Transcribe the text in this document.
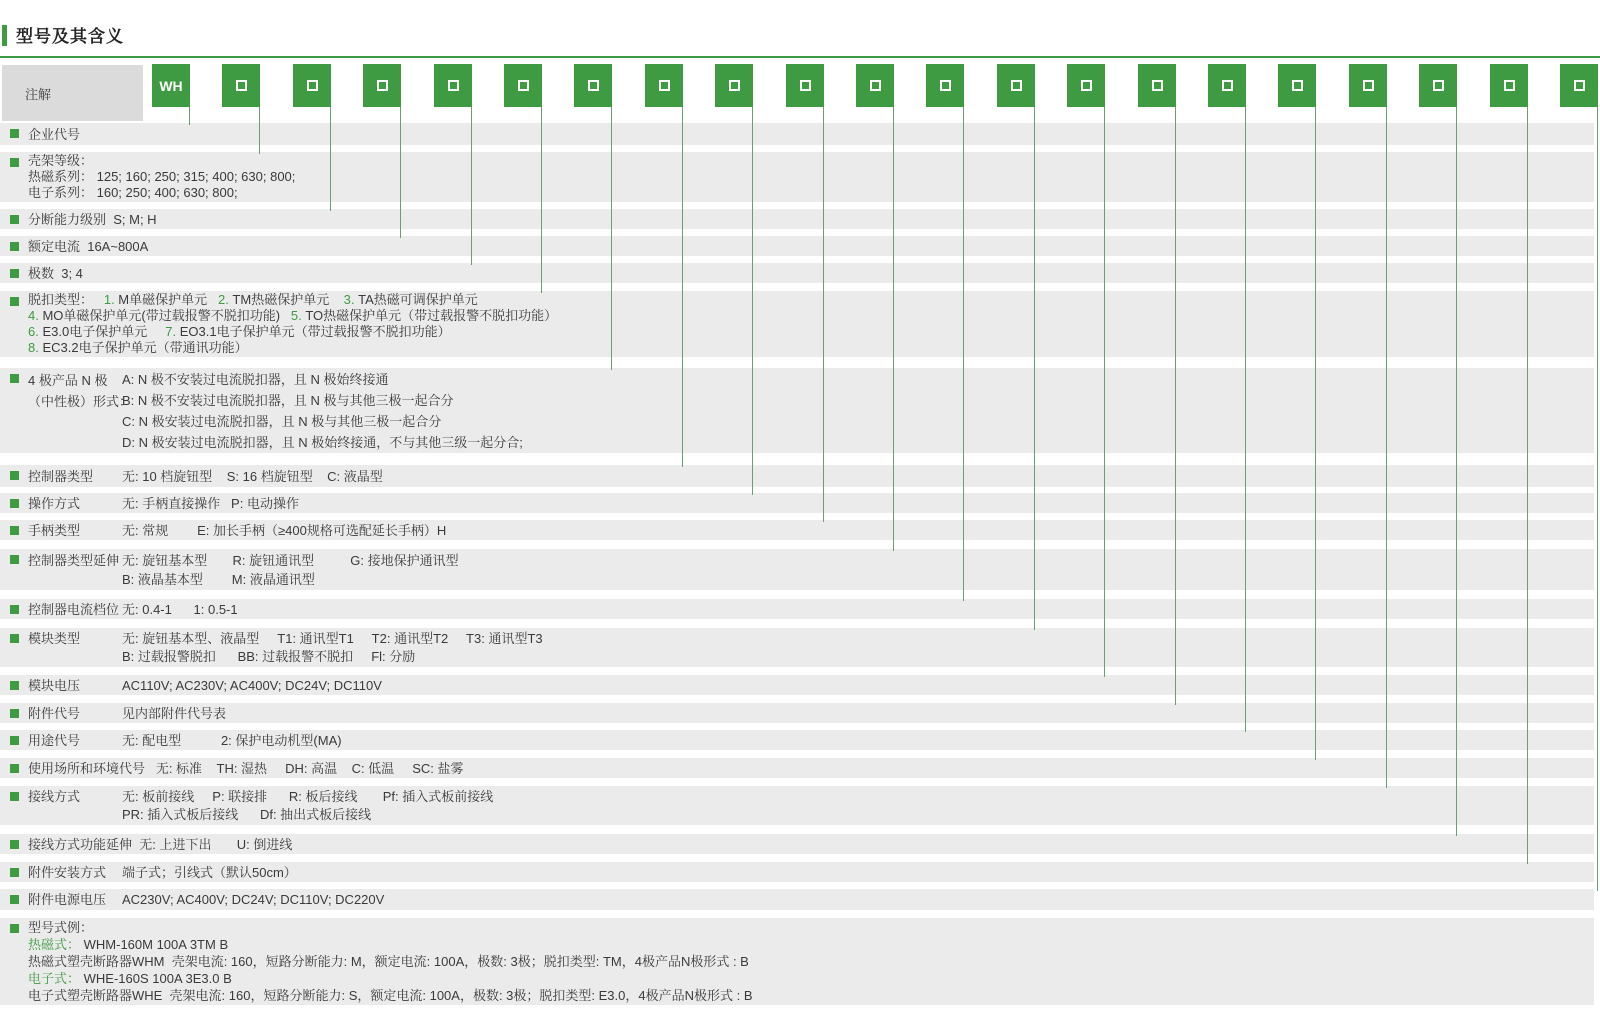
型号及其含义
注解
企业代号
壳架等级：
热磁系列： 125; 160; 250; 315; 400; 630; 800;
电子系列： 160; 250; 400; 630; 800;
分断能力级别  S; M; H
额定电流  16A~800A
极数  3; 4
脱扣类型：   1. M单磁保护单元   2. TM热磁保护单元    3. TA热磁可调保护单元
4. MO单磁保护单元(带过载报警不脱扣功能)   5. TO热磁保护单元（带过载报警不脱扣功能）
6. E3.0电子保护单元     7. EO3.1电子保护单元（带过载报警不脱扣功能）
8. EC3.2电子保护单元（带通讯功能）
4 极产品 N 极
（中性极）形式：
A: N 极不安装过电流脱扣器，且 N 极始终接通
B: N 极不安装过电流脱扣器，且 N 极与其他三极一起合分
C: N 极安装过电流脱扣器，且 N 极与其他三极一起合分
D: N 极安装过电流脱扣器，且 N 极始终接通，不与其他三级一起分合;
控制器类型 无: 10 档旋钮型    S: 16 档旋钮型    C: 液晶型
操作方式	无: 手柄直接操作   P: 电动操作
手柄类型	无: 常规        E: 加长手柄（≥400规格可选配延长手柄）H
控制器类型延伸 无: 旋钮基本型       R: 旋钮通讯型          G: 接地保护通讯型
B: 液晶基本型        M: 液晶通讯型
控制器电流档位 无: 0.4-1      1: 0.5-1
模块类型	无: 旋钮基本型、液晶型     T1: 通讯型T1     T2: 通讯型T2     T3: 通讯型T3
B: 过载报警脱扣      BB: 过载报警不脱扣     Fl: 分励
模块电压	AC110V; AC230V; AC400V; DC24V; DC110V
附件代号	见内部附件代号表
用途代号	无: 配电型           2: 保护电动机型(MA)
使用场所和环境代号   无: 标准    TH: 湿热     DH: 高温    C: 低温     SC: 盐雾
接线方式	无: 板前接线     P: 联接排      R: 板后接线       Pf: 插入式板前接线
PR: 插入式板后接线      Df: 抽出式板后接线
接线方式功能延伸  无: 上进下出       U: 倒进线
附件安装方式 端子式；引线式（默认50cm）
附件电源电压 AC230V; AC400V; DC24V; DC110V; DC220V
型号式例：
热磁式： WHM-160M 100A 3TM B
热磁式塑壳断路器WHM  壳架电流: 160，短路分断能力: M，额定电流: 100A，极数: 3极；脱扣类型: TM，4极产品N极形式 : B
电子式： WHE-160S 100A 3E3.0 B
电子式塑壳断路器WHE  壳架电流: 160，短路分断能力: S，额定电流: 100A，极数: 3极；脱扣类型: E3.0，4极产品N极形式 : B
WH
